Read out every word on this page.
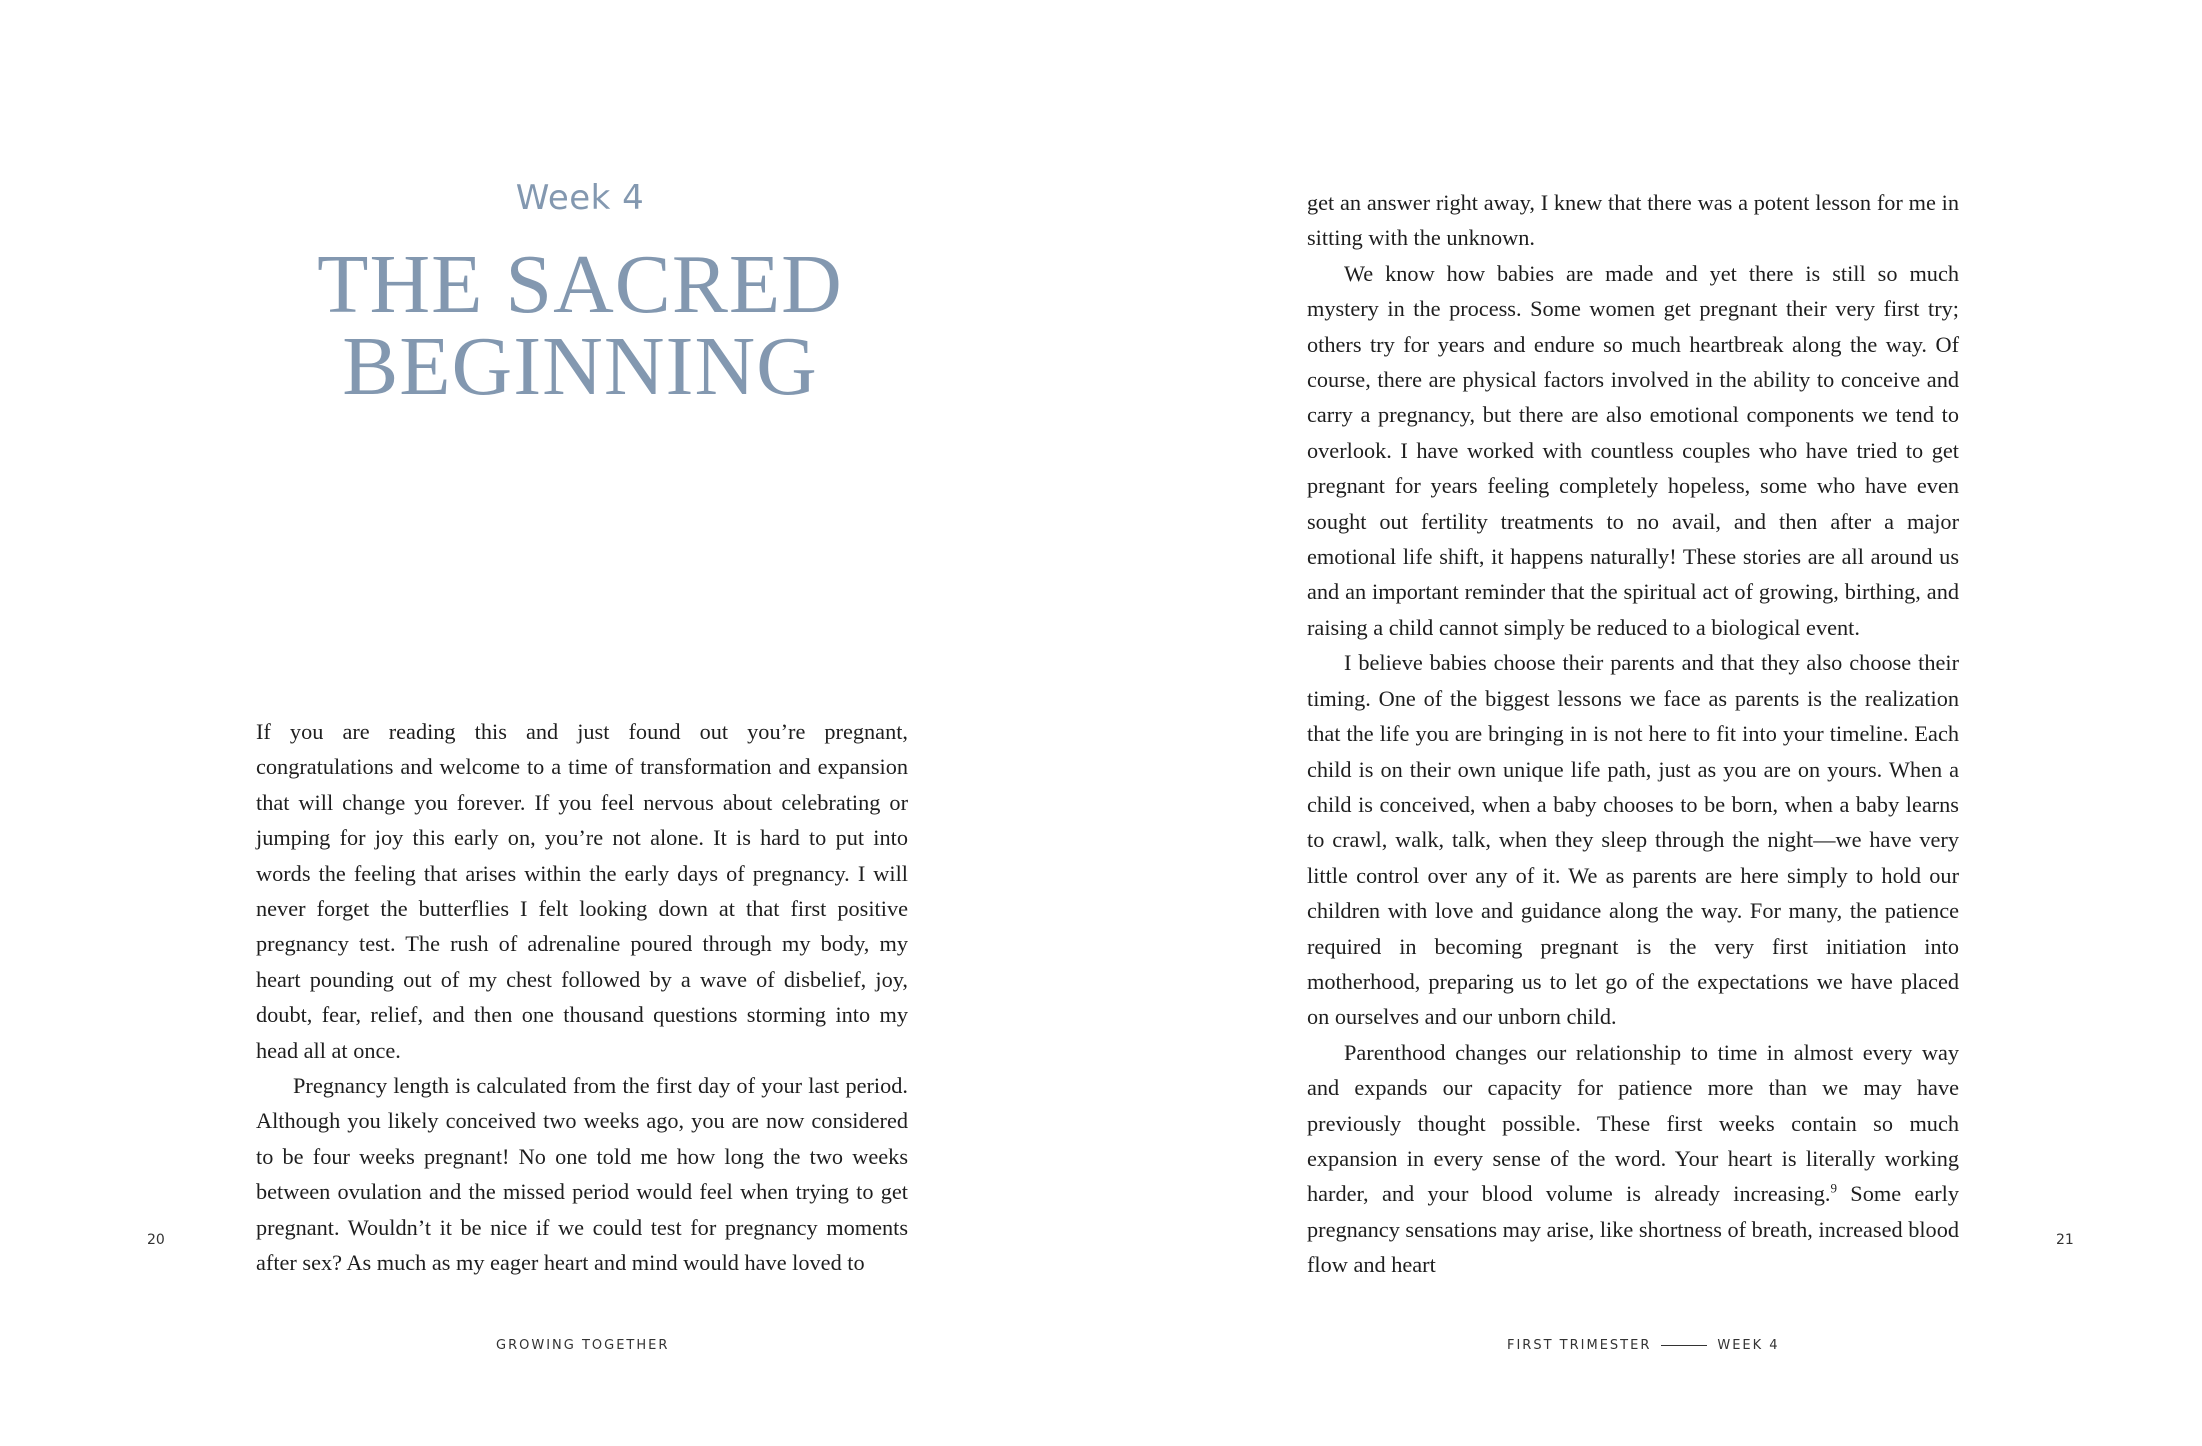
Week 4
THE SACRED
BEGINNING

If you are reading this and just found out you’re pregnant, congratulations and welcome to a time of transformation and expansion that will change you forever. If you feel nervous about celebrating or jumping for joy this early on, you’re not alone. It is hard to put into words the feeling that arises within the early days of pregnancy. I will never forget the butterflies I felt looking down at that first positive pregnancy test. The rush of adrenaline poured through my body, my heart pounding out of my chest followed by a wave of disbelief, joy, doubt, fear, relief, and then one thousand questions storming into my head all at once.

Pregnancy length is calculated from the first day of your last period. Although you likely conceived two weeks ago, you are now considered to be four weeks pregnant! No one told me how long the two weeks between ovulation and the missed period would feel when trying to get pregnant. Wouldn’t it be nice if we could test for pregnancy moments after sex? As much as my eager heart and mind would have loved to

20
GROWING TOGETHER

get an answer right away, I knew that there was a potent lesson for me in sitting with the unknown.

We know how babies are made and yet there is still so much mystery in the process. Some women get pregnant their very first try; others try for years and endure so much heartbreak along the way. Of course, there are physical factors involved in the ability to conceive and carry a pregnancy, but there are also emotional components we tend to overlook. I have worked with countless couples who have tried to get pregnant for years feeling completely hopeless, some who have even sought out fertility treatments to no avail, and then after a major emotional life shift, it happens naturally! These stories are all around us and an important reminder that the spiritual act of growing, birthing, and raising a child cannot simply be reduced to a biological event.

I believe babies choose their parents and that they also choose their timing. One of the biggest lessons we face as parents is the realization that the life you are bringing in is not here to fit into your timeline. Each child is on their own unique life path, just as you are on yours. When a child is conceived, when a baby chooses to be born, when a baby learns to crawl, walk, talk, when they sleep through the night—we have very little control over any of it. We as parents are here simply to hold our children with love and guidance along the way. For many, the patience required in becoming pregnant is the very first initiation into motherhood, preparing us to let go of the expectations we have placed on ourselves and our unborn child.

Parenthood changes our relationship to time in almost every way and expands our capacity for patience more than we may have previously thought possible. These first weeks contain so much expansion in every sense of the word. Your heart is literally working harder, and your blood volume is already increasing.$^9$ Some early pregnancy sensations may arise, like shortness of breath, increased blood flow and heart

21
FIRST TRIMESTER	WEEK 4
